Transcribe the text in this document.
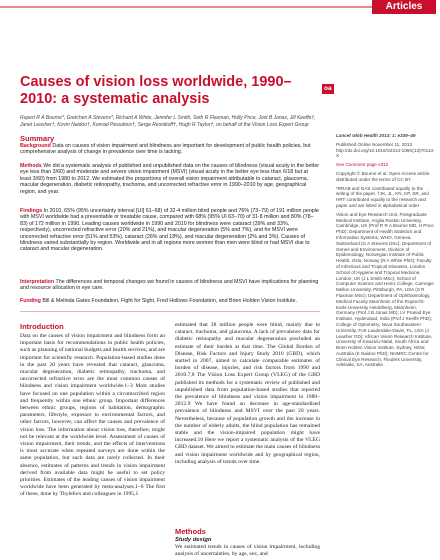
Articles
Causes of vision loss worldwide, 1990–2010: a systematic analysis
oa

Rupert R A Bourne*, Gretchen A Stevens*, Richard A White, Jennifer L Smith, Seth R Flaxman, Holly Price, Jost B Jonas, Jill Keeffe†, Janet Leasher†, Kovin Naidoo†, Konrad Pesudovs†, Serge Resnikoff†, Hugh R Taylor†, on behalf of the Vision Loss Expert Group

Summary

Background Data on causes of vision impairment and blindness are important for development of public health policies, but comprehensive analysis of change in prevalence over time is lacking.

Methods We did a systematic analysis of published and unpublished data on the causes of blindness (visual acuity in the better eye less than 3/60) and moderate and severe vision impairment (MSVI) (visual acuity in the better eye less than 6/18 but at least 3/60) from 1980 to 2012. We estimated the proportions of overall vision impairment attributable to cataract, glaucoma, macular degeneration, diabetic retinopathy, trachoma, and uncorrected refractive error in 1990–2010 by age, geographical region, and year.

Findings In 2010, 65% (95% uncertainty interval [UI] 61–68) of 32·4 million blind people and 76% (73–79) of 191 million people with MSVI worldwide had a preventable or treatable cause, compared with 68% (95% UI 63–70) of 31·8 million and 80% (78–83) of 172 million in 1990. Leading causes worldwide in 1990 and 2010 for blindness were cataract (39% and 33%, respectively), uncorrected refractive error (20% and 21%), and macular degeneration (5% and 7%), and for MSVI were uncorrected refractive error (51% and 53%), cataract (26% and 18%), and macular degeneration (2% and 3%). Causes of blindness varied substantially by region. Worldwide and in all regions more women than men were blind or had MSVI due to cataract and macular degeneration.

Interpretation The differences and temporal changes we found in causes of blindness and MSVI have implications for planning and resource allocation in eye care.

Funding Bill & Melinda Gates Foundation, Fight for Sight, Fred Hollows Foundation, and Brien Holden Vision Institute.

Introduction

Data on the causes of vision impairment and blindness form an important basis for recommendations in public health policies, such as planning of national budgets and health services, and are important for scientific research. Population-based studies done in the past 20 years have revealed that cataract, glaucoma, macular degeneration, diabetic retinopathy, trachoma, and uncorrected refractive error are the most common causes of blindness and vision impairment worldwide.1–3 Most studies have focused on one population within a circumscribed region and frequently within one ethnic group. Important differences between ethnic groups, regions of habitation, demographic parameters, lifestyle, exposure to environmental factors, and other factors, however, can affect the causes and prevalence of vision loss. The information about vision loss, therefore, might not be relevant at the worldwide level. Assessment of causes of vision impairment, their trends, and the effects of interventions is most accurate when repeated surveys are done within the same population, but such data are rarely collected. In their absence, estimates of patterns and trends in vision impairment derived from available data might be useful to set policy priorities. Estimates of the leading causes of vision impairment worldwide have been generated by meta-analyses.1–6 The first of these, done by Thylefors and colleagues in 1995,1

estimated that 38 million people were blind, mainly due to cataract, trachoma, and glaucoma. A lack of prevalence data for diabetic retinopathy and macular degeneration precluded an estimate of their burden at that time. The Global Burden of Disease, Risk Factors and Injury Study 2010 (GBD), which started in 2007, aimed to calculate comparable estimates of burden of disease, injuries, and risk factors from 1990 and 2010.7,8 The Vision Loss Expert Group (VLEG) of the GBD published its methods for a systematic review of published and unpublished data from population-based studies that reported the prevalence of blindness and vision impairment in 1980–2012.9 We have found an decrease in age-standardised prevalence of blindness and MSVI over the past 20 years. Nevertheless, because of population growth and the increase in the number of elderly adults, the blind population has remained stable and the vision-impaired population might have increased.10 Here we report a systematic analysis of the VLEG GBD dataset. We aimed to estimate the main causes of blindness and vision impairment worldwide and by geographical region, including analysis of trends over time.

Methods
Study design

We estimated trends in causes of vision impairment, including analysis of uncertainties, by age, sex, and

Lancet Glob Health 2013; 1: e339–49

Published Online November 11, 2013 http://dx.doi.org/10.1016/S2214-109X(13)70113-X

See Comment page e312

Copyright © Bourne et al. Open Access article distributed under the terms of CC BY

*RRAB and GAS contributed equally to the writing of the paper. †JK, JL, KN, KP, SR, and HRT contributed equally to the research and paper and are listed in alphabetical order

Vision and Eye Research Unit, Postgraduate Medical Institute, Anglia Ruskin University, Cambridge, UK (Prof R R A Bourne MD, H Price PhD); Department of Health Statistics and Information Systems, WHO, Geneva, Switzerland (G A Stevens DSc); Department of Genes and Environment, Division of Epidemiology, Norwegian Institute of Public Health, Oslo, Norway (R A White PhD); Faculty of Infectious and Tropical Diseases, London School of Hygiene and Tropical Medicine, London, UK (J L Smith MSc); School of Computer Science and Heinz College, Carnegie Mellon University, Pittsburgh, PA, USA (S R Flaxman MSc); Department of Ophthalmology, Medical Faculty Mannheim of the Ruprecht-Karls-University Heidelberg, Mannheim, Germany (Prof J B Jonas MD); LV Prasad Eye Institute, Hyderabad, India (Prof J Keeffe PhD); College of Optometry, Nova Southeastern University, Fort Lauderdale-Davie, FL, USA (J Leasher OD); African Vision Research Institute, University of Kwazulu-Natal, South Africa and Brien Holden Vision Institute, Sydney, NSW, Australia (K Naidoo PhD); NHMRC Centre for Clinical Eye Research, Flinders University, Adelaide, SA, Australia
